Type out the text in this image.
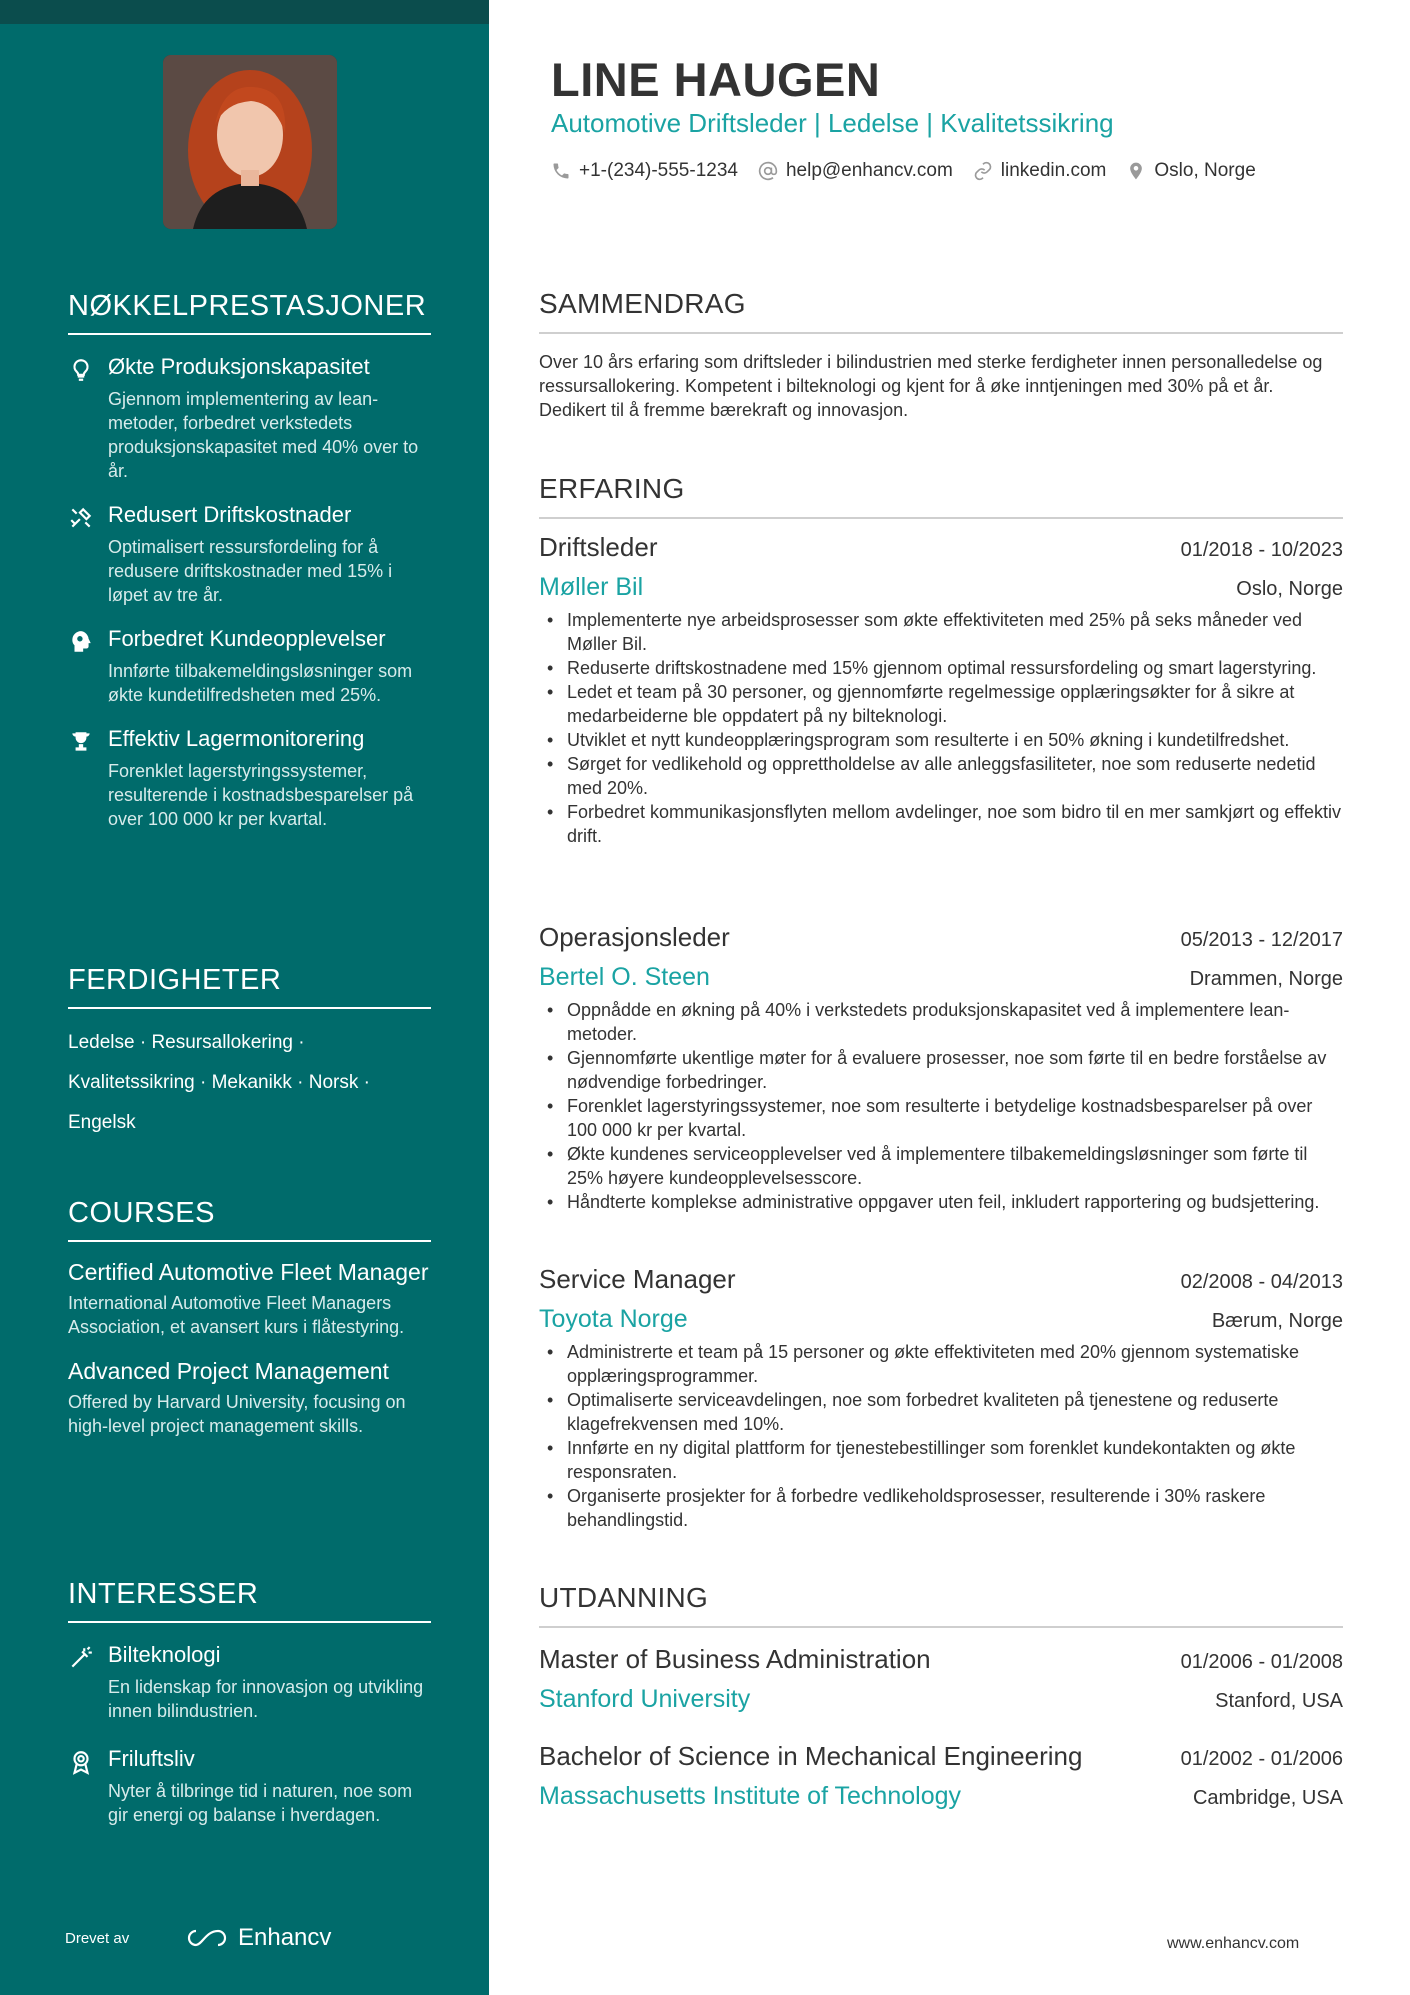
NØKKELPRESTASJONER
Økte Produksjonskapasitet
Gjennom implementering av lean-metoder, forbedret verkstedets produksjonskapasitet med 40% over to år.
Redusert Driftskostnader
Optimalisert ressursfordeling for å redusere driftskostnader med 15% i løpet av tre år.
Forbedret Kundeopplevelser
Innførte tilbakemeldingsløsninger som økte kundetilfredsheten med 25%.
Effektiv Lagermonitorering
Forenklet lagerstyringssystemer, resulterende i kostnadsbesparelser på over 100 000 kr per kvartal.
FERDIGHETER
Ledelse · Resursallokering ·
Kvalitetssikring · Mekanikk · Norsk ·
Engelsk
COURSES
Certified Automotive Fleet Manager
International Automotive Fleet Managers Association, et avansert kurs i flåtestyring.
Advanced Project Management
Offered by Harvard University, focusing on high-level project management skills.
INTERESSER
Bilteknologi
En lidenskap for innovasjon og utvikling innen bilindustrien.
Friluftsliv
Nyter å tilbringe tid i naturen, noe som gir energi og balanse i hverdagen.
Drevet av	Enhancv
LINE HAUGEN
Automotive Driftsleder | Ledelse | Kvalitetssikring
+1-(234)-555-1234	help@enhancv.com	linkedin.com	Oslo, Norge
SAMMENDRAG
Over 10 års erfaring som driftsleder i bilindustrien med sterke ferdigheter innen personalledelse og ressursallokering. Kompetent i bilteknologi og kjent for å øke inntjeningen med 30% på et år. Dedikert til å fremme bærekraft og innovasjon.
ERFARING
Driftsleder	01/2018 - 10/2023
Møller Bil	Oslo, Norge
• Implementerte nye arbeidsprosesser som økte effektiviteten med 25% på seks måneder ved Møller Bil.
• Reduserte driftskostnadene med 15% gjennom optimal ressursfordeling og smart lagerstyring.
• Ledet et team på 30 personer, og gjennomførte regelmessige opplæringsøkter for å sikre at medarbeiderne ble oppdatert på ny bilteknologi.
• Utviklet et nytt kundeopplæringsprogram som resulterte i en 50% økning i kundetilfredshet.
• Sørget for vedlikehold og opprettholdelse av alle anleggsfasiliteter, noe som reduserte nedetid med 20%.
• Forbedret kommunikasjonsflyten mellom avdelinger, noe som bidro til en mer samkjørt og effektiv drift.
Operasjonsleder	05/2013 - 12/2017
Bertel O. Steen	Drammen, Norge
• Oppnådde en økning på 40% i verkstedets produksjonskapasitet ved å implementere lean-metoder.
• Gjennomførte ukentlige møter for å evaluere prosesser, noe som førte til en bedre forståelse av nødvendige forbedringer.
• Forenklet lagerstyringssystemer, noe som resulterte i betydelige kostnadsbesparelser på over 100 000 kr per kvartal.
• Økte kundenes serviceopplevelser ved å implementere tilbakemeldingsløsninger som førte til 25% høyere kundeopplevelsesscore.
• Håndterte komplekse administrative oppgaver uten feil, inkludert rapportering og budsjettering.
Service Manager	02/2008 - 04/2013
Toyota Norge	Bærum, Norge
• Administrerte et team på 15 personer og økte effektiviteten med 20% gjennom systematiske opplæringsprogrammer.
• Optimaliserte serviceavdelingen, noe som forbedret kvaliteten på tjenestene og reduserte klagefrekvensen med 10%.
• Innførte en ny digital plattform for tjenestebestillinger som forenklet kundekontakten og økte responsraten.
• Organiserte prosjekter for å forbedre vedlikeholdsprosesser, resulterende i 30% raskere behandlingstid.
UTDANNING
Master of Business Administration	01/2006 - 01/2008
Stanford University	Stanford, USA
Bachelor of Science in Mechanical Engineering	01/2002 - 01/2006
Massachusetts Institute of Technology	Cambridge, USA
www.enhancv.com
